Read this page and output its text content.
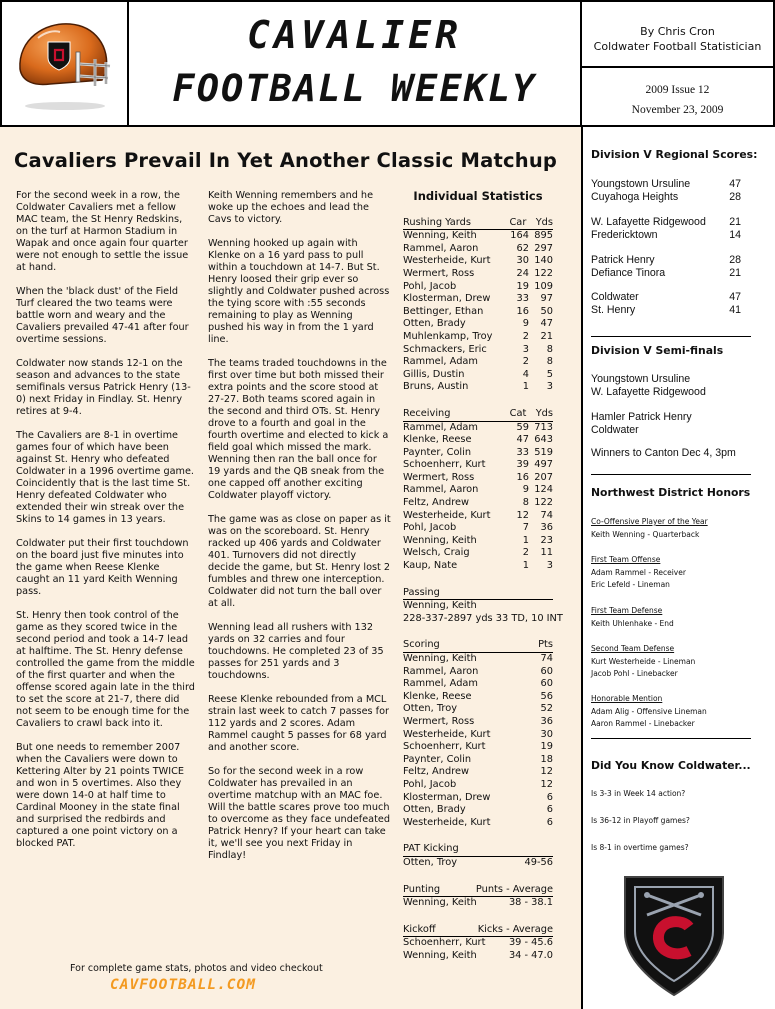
CAVALIER
FOOTBALL WEEKLY
By Chris Cron
Coldwater Football Statistician
2009 Issue 12
November 23, 2009
Cavaliers Prevail In Yet Another Classic Matchup

For the second week in a row, the Coldwater Cavaliers met a fellow MAC team, the St Henry Redskins, on the turf at Harmon Stadium in Wapak and once again four quarter were not enough to settle the issue at hand.

When the 'black dust' of the Field Turf cleared the two teams were battle worn and weary and the Cavaliers prevailed 47-41 after four overtime sessions.

Coldwater now stands 12-1 on the season and advances to the state semifinals versus Patrick Henry (13-0) next Friday in Findlay. St. Henry retires at 9-4.

The Cavaliers are 8-1 in overtime games four of which have been against St. Henry who defeated Coldwater in a 1996 overtime game. Coincidently that is the last time St. Henry defeated Coldwater who extended their win streak over the Skins to 14 games in 13 years.

Coldwater put their first touchdown on the board just five minutes into the game when Reese Klenke caught an 11 yard Keith Wenning pass.

St. Henry then took control of the game as they scored twice in the second period and took a 14-7 lead at halftime. The St. Henry defense controlled the game from the middle of the first quarter and when the offense scored again late in the third to set the score at 21-7, there did not seem to be enough time for the Cavaliers to crawl back into it.

But one needs to remember 2007 when the Cavaliers were down to Kettering Alter by 21 points TWICE and won in 5 overtimes. Also they were down 14-0 at half time to Cardinal Mooney in the state final and surprised the redbirds and captured a one point victory on a blocked PAT.

Keith Wenning remembers and he woke up the echoes and lead the Cavs to victory.

Wenning hooked up again with Klenke on a 16 yard pass to pull within a touchdown at 14-7. But St. Henry loosed their grip ever so slightly and Coldwater pushed across the tying score with :55 seconds remaining to play as Wenning pushed his way in from the 1 yard line.

The teams traded touchdowns in the first over time but both missed their extra points and the score stood at 27-27. Both teams scored again in the second and third OTs. St. Henry drove to a fourth and goal in the fourth overtime and elected to kick a field goal which missed the mark. Wenning then ran the ball once for 19 yards and the QB sneak from the one capped off another exciting Coldwater playoff victory.

The game was as close on paper as it was on the scoreboard. St. Henry racked up 406 yards and Coldwater 401. Turnovers did not directly decide the game, but St. Henry lost 2 fumbles and threw one interception. Coldwater did not turn the ball over at all.

Wenning lead all rushers with 132 yards on 32 carries and four touchdowns. He completed 23 of 35 passes for 251 yards and 3 touchdowns.

Reese Klenke rebounded from a MCL strain last week to catch 7 passes for 112 yards and 2 scores. Adam Rammel caught 5 passes for 68 yard and another score.

So for the second week in a row Coldwater has prevailed in an overtime matchup with an MAC foe. Will the battle scares prove too much to overcome as they face undefeated Patrick Henry? If your heart can take it, we'll see you next Friday in Findlay!

Individual Statistics
Rushing Yards	Car Yds
Wenning, Keith	164 895
Rammel, Aaron	62 297
Westerheide, Kurt	30 140
Wermert, Ross	24 122
Pohl, Jacob	19 109
Klosterman, Drew	33	97
Bettinger, Ethan	16	50
Otten, Brady	9	47
Muhlenkamp, Troy	2	21
Schmackers, Eric	3	8
Rammel, Adam	2	8
Gillis, Dustin	4	5
Bruns, Austin	1	3
Receiving	Cat Yds
Rammel, Adam	59 713
Klenke, Reese	47 643
Paynter, Colin	33 519
Schoenherr, Kurt	39 497
Wermert, Ross	16 207
Rammel, Aaron	9 124
Feltz, Andrew	8 122
Westerheide, Kurt	12	74
Pohl, Jacob	7	36
Wenning, Keith	1	23
Welsch, Craig	2	11
Kaup, Nate	1	3
Passing
Wenning, Keith
228-337-2897 yds 33 TD, 10 INT
Scoring	Pts
Wenning, Keith	74
Rammel, Aaron	60
Rammel, Adam	60
Klenke, Reese	56
Otten, Troy	52
Wermert, Ross	36
Westerheide, Kurt	30
Schoenherr, Kurt	19
Paynter, Colin	18
Feltz, Andrew	12
Pohl, Jacob	12
Klosterman, Drew	6
Otten, Brady	6
Westerheide, Kurt	6
PAT Kicking
Otten, Troy	49-56
Punting	Punts - Average
Wenning, Keith	38 - 38.1
Kickoff	Kicks - Average
Schoenherr, Kurt	39 - 45.6
Wenning, Keith	34 - 47.0
For complete game stats, photos and video checkout
CAVFOOTBALL.COM
Division V Regional Scores:
Youngstown Ursuline	47
Cuyahoga Heights	28
W. Lafayette Ridgewood 21
Fredericktown	14
Patrick Henry	28
Defiance Tinora	21
Coldwater	47
St. Henry	41
Division V Semi-finals
Youngstown Ursuline
W. Lafayette Ridgewood
Hamler Patrick Henry
Coldwater
Winners to Canton Dec 4, 3pm
Northwest District Honors
Co-Offensive Player of the Year
Keith Wenning - Quarterback
First Team Offense
Adam Rammel - Receiver
Eric Lefeld - Lineman
First Team Defense
Keith Uhlenhake - End
Second Team Defense
Kurt Westerheide - Lineman
Jacob Pohl - Linebacker
Honorable Mention
Adam Alig - Offensive Lineman
Aaron Rammel - Linebacker
Did You Know Coldwater...
Is 3-3 in Week 14 action?
Is 36-12 in Playoff games?
Is 8-1 in overtime games?
